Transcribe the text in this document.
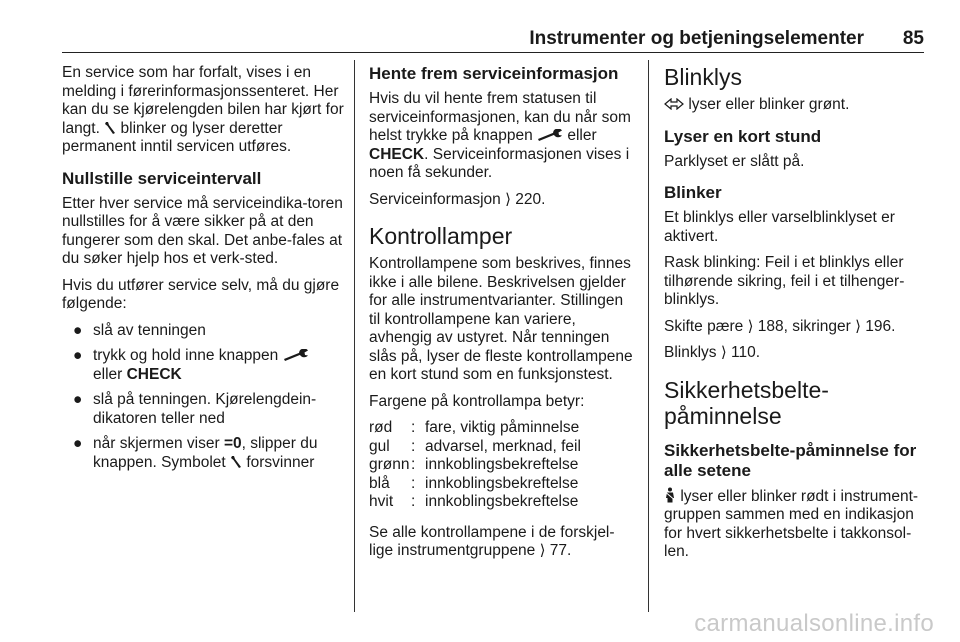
Instrumenter og betjeningselementer 85

En service som har forfalt, vises i en melding i førerinformasjonssenteret. Her kan du se kjørelengden bilen har kjørt for langt. blinker og lyser deretter permanent inntil servicen utføres.

Nullstille serviceintervall

Etter hver service må serviceindika-toren nullstilles for å være sikker på at den fungerer som den skal. Det anbe-fales at du søker hjelp hos et verk-sted.

Hvis du utfører service selv, må du gjøre følgende:

● slå av tenningen
● trykk og hold inne knappen
eller CHECK
● slå på tenningen. Kjørelengdein-dikatoren teller ned
● når skjermen viser =0, slipper du knappen. Symbolet forsvinner
Hente frem serviceinformasjon

Hvis du vil hente frem statusen til serviceinformasjonen, kan du når som helst trykke på knappen eller CHECK. Serviceinformasjonen vises i noen få sekunder.

Serviceinformasjon ⟩ 220.

Kontrollamper

Kontrollampene som beskrives, finnes ikke i alle bilene. Beskrivelsen gjelder for alle instrumentvarianter. Stillingen til kontrollampene kan variere, avhengig av ustyret. Når tenningen slås på, lyser de fleste kontrollampene en kort stund som en funksjonstest.

Fargene på kontrollampa betyr:

rød	:	fare, viktig påminnelse
gul	:	advarsel, merknad, feil
grønn	:	innkoblingsbekreftelse
blå	:	innkoblingsbekreftelse
hvit	:	innkoblingsbekreftelse

Se alle kontrollampene i de forskjel-lige instrumentgruppene ⟩ 77.

Blinklys

lyser eller blinker grønt.

Lyser en kort stund

Parklyset er slått på.

Blinker

Et blinklys eller varselblinklyset er aktivert.

Rask blinking: Feil i et blinklys eller tilhørende sikring, feil i et tilhenger-blinklys.

Skifte pære ⟩ 188, sikringer ⟩ 196.

Blinklys ⟩ 110.

Sikkerhetsbelte-påminnelse
Sikkerhetsbelte-påminnelse for alle setene

lyser eller blinker rødt i instrument-gruppen sammen med en indikasjon for hvert sikkerhetsbelte i takkonsol-len.

carmanualsonline.info
